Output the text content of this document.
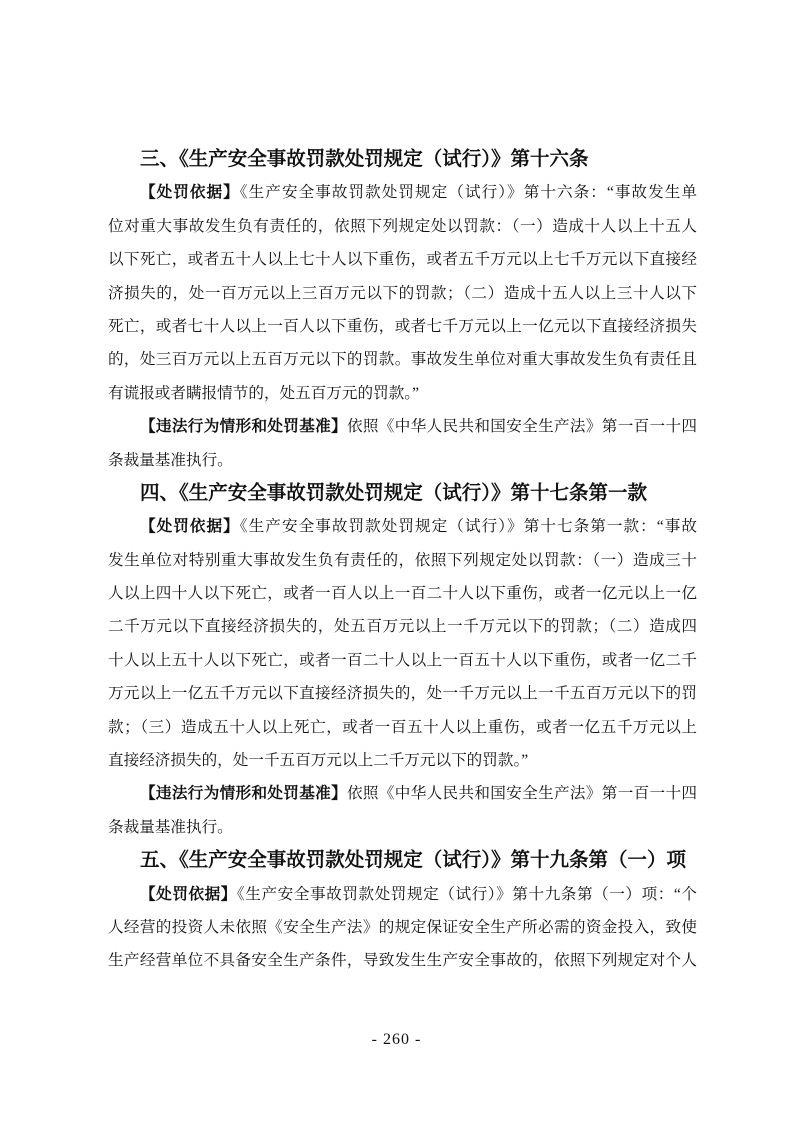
三、《生产安全事故罚款处罚规定（试行）》第十六条
【处罚依据】《生产安全事故罚款处罚规定（试行）》第十六条：“事故发生单
位对重大事故发生负有责任的，依照下列规定处以罚款：（一）造成十人以上十五人
以下死亡，或者五十人以上七十人以下重伤，或者五千万元以上七千万元以下直接经
济损失的，处一百万元以上三百万元以下的罚款；（二）造成十五人以上三十人以下
死亡，或者七十人以上一百人以下重伤，或者七千万元以上一亿元以下直接经济损失
的，处三百万元以上五百万元以下的罚款。事故发生单位对重大事故发生负有责任且
有谎报或者瞒报情节的，处五百万元的罚款。”
【违法行为情形和处罚基准】依照《中华人民共和国安全生产法》第一百一十四
条裁量基准执行。
四、《生产安全事故罚款处罚规定（试行）》第十七条第一款
【处罚依据】《生产安全事故罚款处罚规定（试行）》第十七条第一款：“事故
发生单位对特别重大事故发生负有责任的，依照下列规定处以罚款：（一）造成三十
人以上四十人以下死亡，或者一百人以上一百二十人以下重伤，或者一亿元以上一亿
二千万元以下直接经济损失的，处五百万元以上一千万元以下的罚款；（二）造成四
十人以上五十人以下死亡，或者一百二十人以上一百五十人以下重伤，或者一亿二千
万元以上一亿五千万元以下直接经济损失的，处一千万元以上一千五百万元以下的罚
款；（三）造成五十人以上死亡，或者一百五十人以上重伤，或者一亿五千万元以上
直接经济损失的，处一千五百万元以上二千万元以下的罚款。”
【违法行为情形和处罚基准】依照《中华人民共和国安全生产法》第一百一十四
条裁量基准执行。
五、《生产安全事故罚款处罚规定（试行）》第十九条第（一）项
【处罚依据】《生产安全事故罚款处罚规定（试行）》第十九条第（一）项：“个
人经营的投资人未依照《安全生产法》的规定保证安全生产所必需的资金投入，致使
生产经营单位不具备安全生产条件，导致发生生产安全事故的，依照下列规定对个人
- 260 -
